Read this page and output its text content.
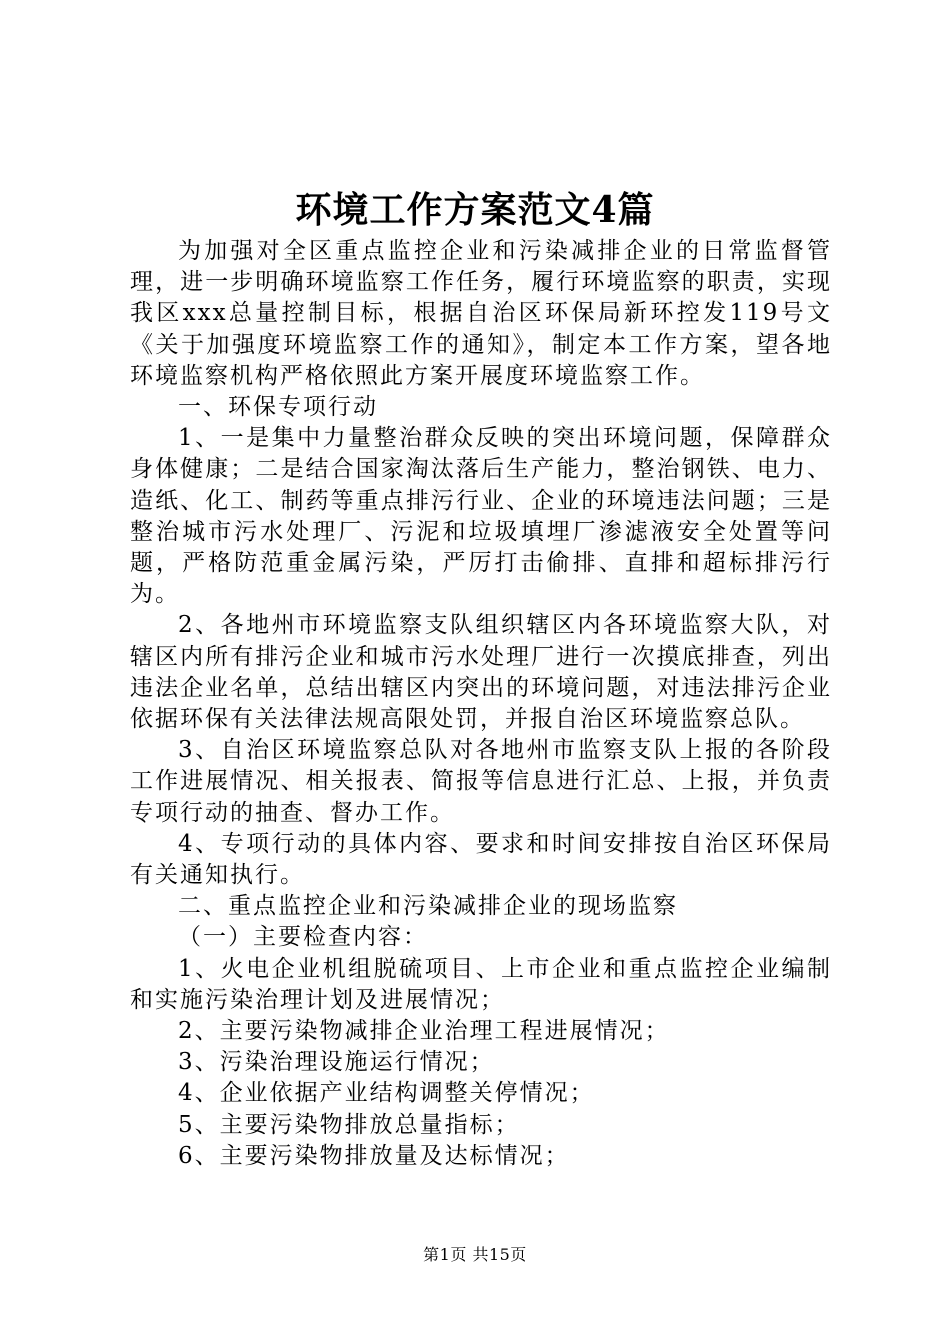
环境工作方案范文4篇

为加强对全区重点监控企业和污染减排企业的日常监督管理，进一步明确环境监察工作任务，履行环境监察的职责，实现我区xxx总量控制目标，根据自治区环保局新环控发119号文《关于加强度环境监察工作的通知》，制定本工作方案，望各地环境监察机构严格依照此方案开展度环境监察工作。

一、环保专项行动

1、一是集中力量整治群众反映的突出环境问题，保障群众身体健康；二是结合国家淘汰落后生产能力，整治钢铁、电力、造纸、化工、制药等重点排污行业、企业的环境违法问题；三是整治城市污水处理厂、污泥和垃圾填埋厂渗滤液安全处置等问题，严格防范重金属污染，严厉打击偷排、直排和超标排污行为。

2、各地州市环境监察支队组织辖区内各环境监察大队，对辖区内所有排污企业和城市污水处理厂进行一次摸底排查，列出违法企业名单，总结出辖区内突出的环境问题，对违法排污企业依据环保有关法律法规高限处罚，并报自治区环境监察总队。

3、自治区环境监察总队对各地州市监察支队上报的各阶段工作进展情况、相关报表、简报等信息进行汇总、上报，并负责专项行动的抽查、督办工作。

4、专项行动的具体内容、要求和时间安排按自治区环保局有关通知执行。

二、重点监控企业和污染减排企业的现场监察

（一）主要检查内容：

1、火电企业机组脱硫项目、上市企业和重点监控企业编制和实施污染治理计划及进展情况；

2、主要污染物减排企业治理工程进展情况；

3、污染治理设施运行情况；

4、企业依据产业结构调整关停情况；

5、主要污染物排放总量指标；

6、主要污染物排放量及达标情况；

第1页 共15页
